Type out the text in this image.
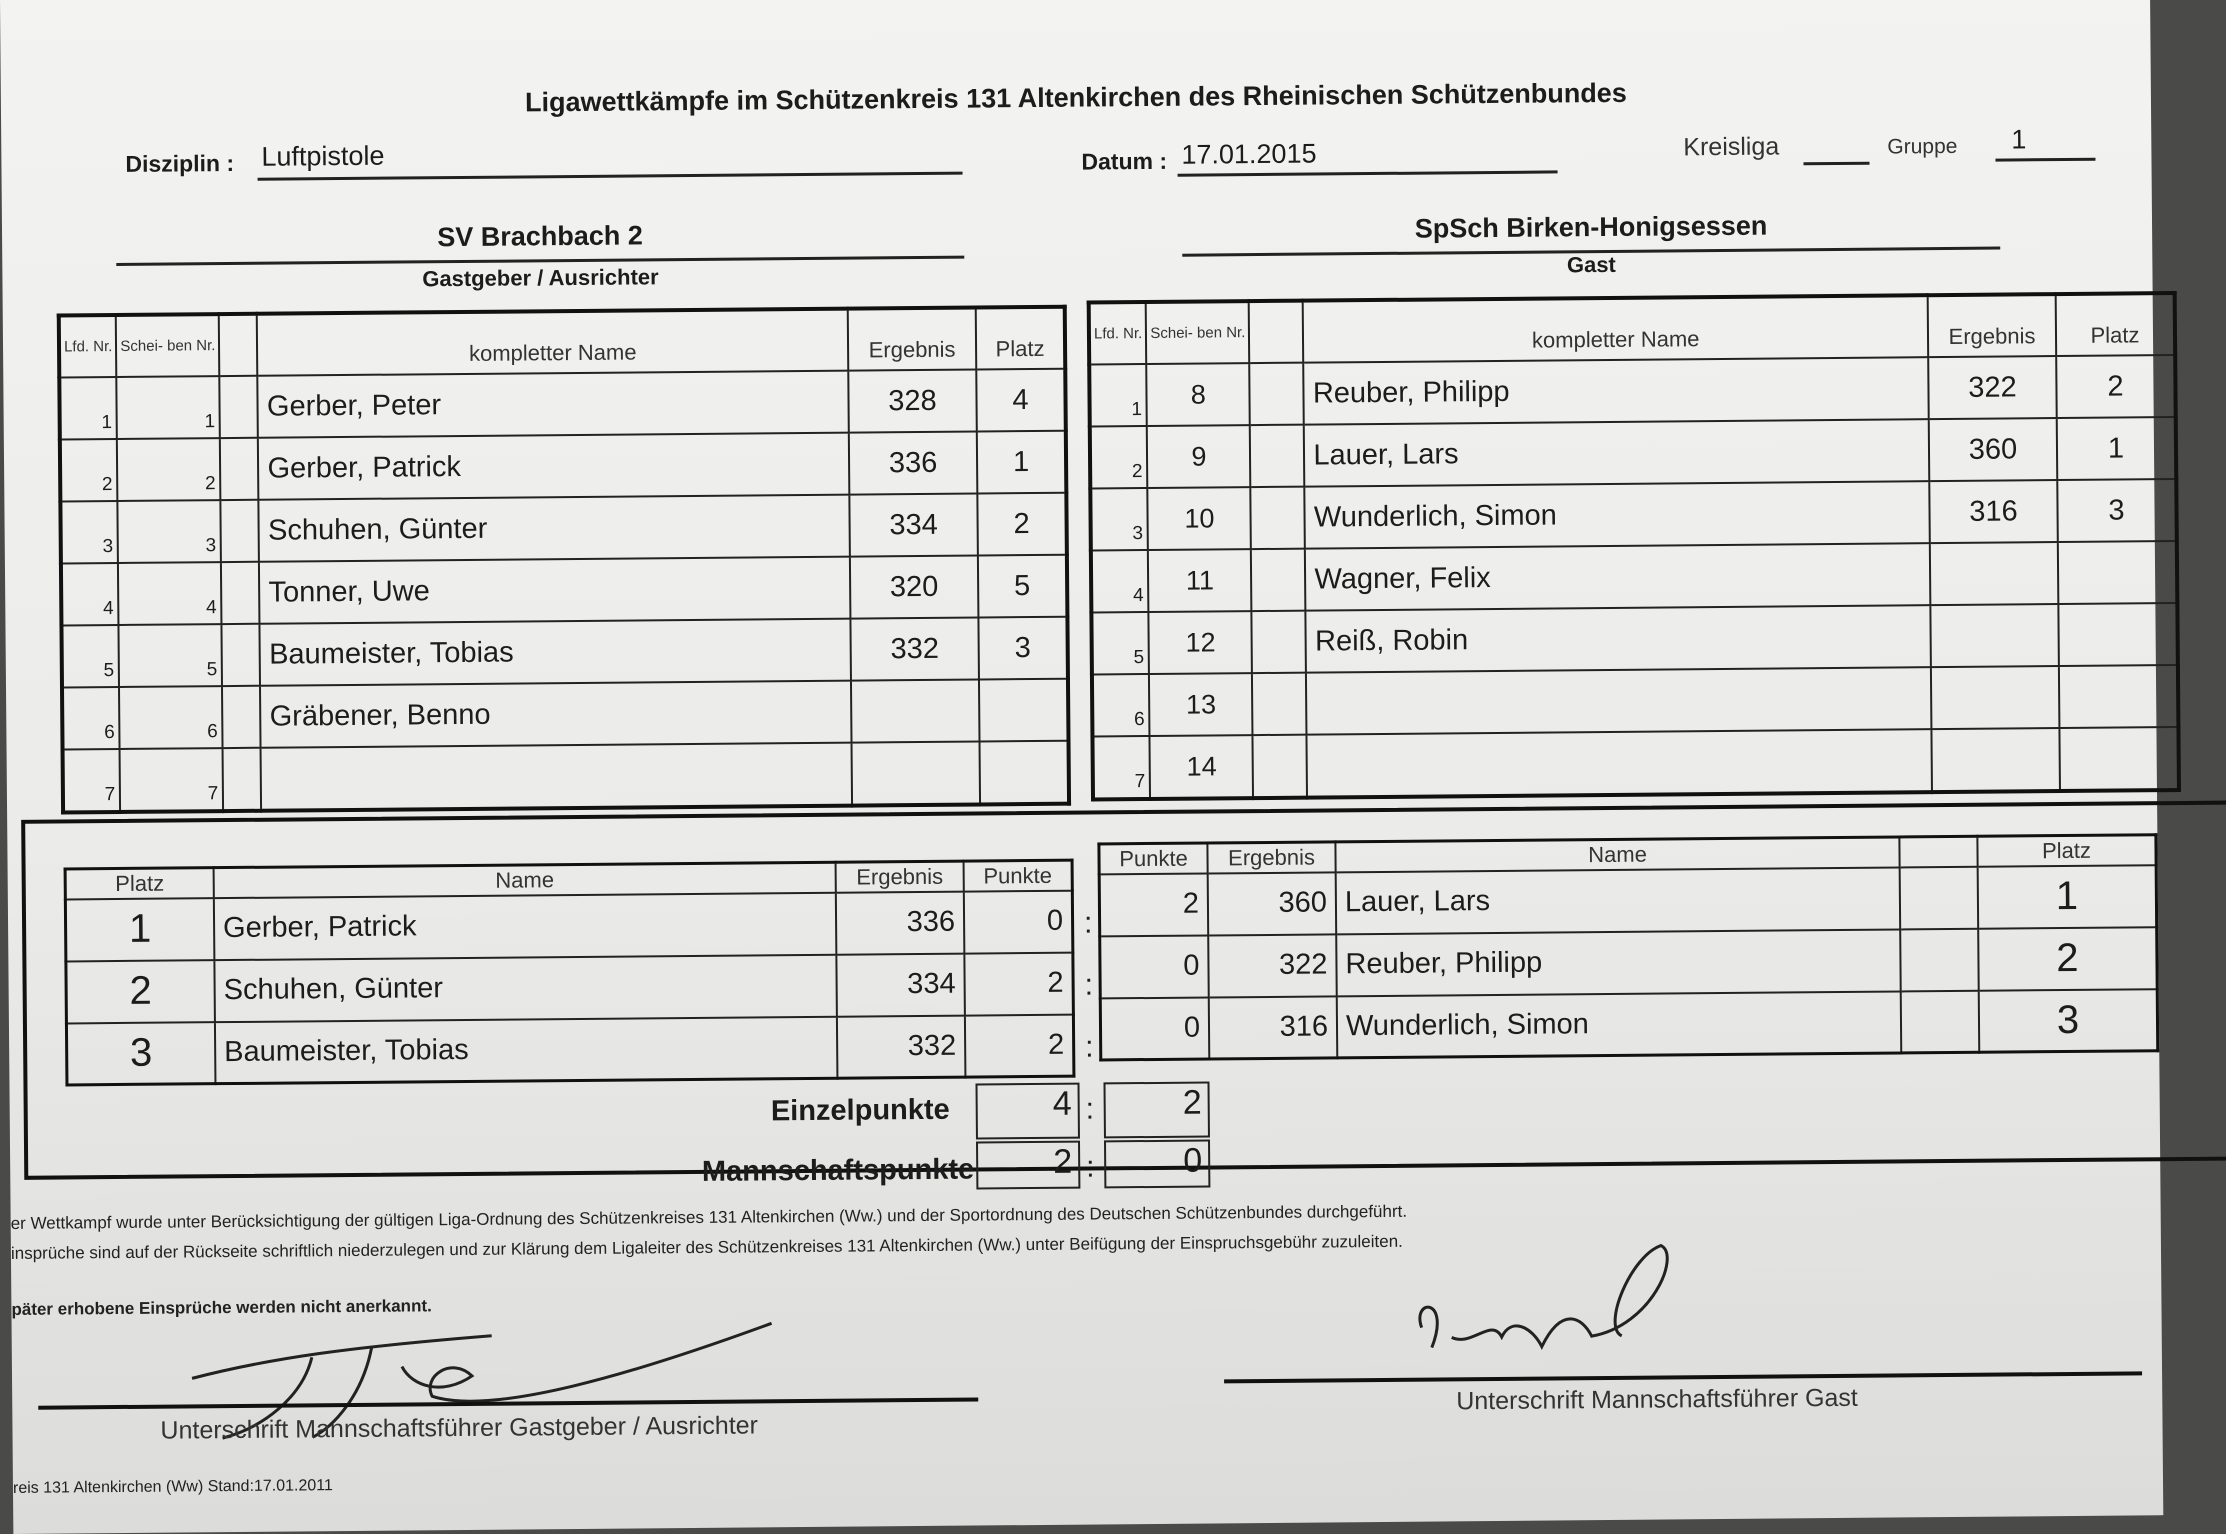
Ligawettkämpfe im Schützenkreis 131 Altenkirchen des Rheinischen Schützenbundes
Disziplin : Luftpistole	Datum : 17.01.2015	Kreisliga	Gruppe 1
SV Brachbach 2
Gastgeber / Ausrichter
SpSch Birken-Honigsessen
Gast
Lfd. Nr.	Schei- ben Nr.		kompletter Name	Ergebnis	Platz
1	1		Gerber, Peter	328	4
2	2		Gerber, Patrick	336	1
3	3		Schuhen, Günter	334	2
4	4		Tonner, Uwe	320	5
5	5		Baumeister, Tobias	332	3
6	6		Gräbener, Benno		
7	7				
Lfd. Nr.	Schei- ben Nr.		kompletter Name	Ergebnis	Platz
1	8		Reuber, Philipp	322	2
2	9		Lauer, Lars	360	1
3	10		Wunderlich, Simon	316	3
4	11		Wagner, Felix		
5	12		Reiß, Robin		
6	13				
7	14				
Platz	Name	Ergebnis	Punkte
1	Gerber, Patrick	336	0
2	Schuhen, Günter	334	2
3	Baumeister, Tobias	332	2
:
:
:
:
:
Punkte	Ergebnis	Name		Platz
2	360	Lauer, Lars		1
0	322	Reuber, Philipp		2
0	316	Wunderlich, Simon		3
Einzelpunkte	4	2
Mannschaftspunkte	2	0
er Wettkampf wurde unter Berücksichtigung der gültigen Liga-Ordnung des Schützenkreises 131 Altenkirchen (Ww.) und der Sportordnung des Deutschen Schützenbundes durchgeführt.
insprüche sind auf der Rückseite schriftlich niederzulegen und zur Klärung dem Ligaleiter des Schützenkreises 131 Altenkirchen (Ww.) unter Beifügung der Einspruchsgebühr zuzuleiten.
päter erhobene Einsprüche werden nicht anerkannt.
Unterschrift Mannschaftsführer Gastgeber / Ausrichter
Unterschrift Mannschaftsführer Gast
reis 131 Altenkirchen (Ww) Stand:17.01.2011
